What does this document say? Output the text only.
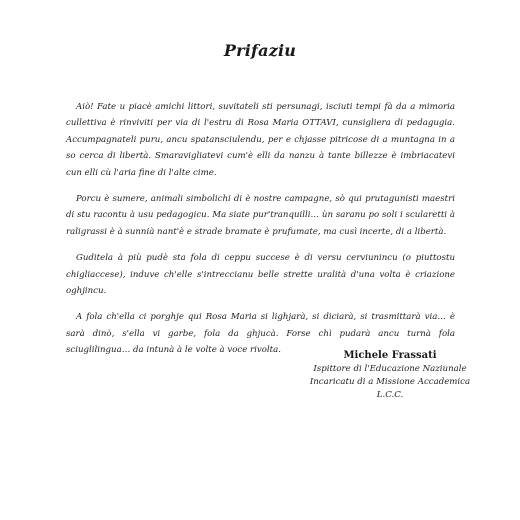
Prifaziu

Aiò! Fate u piacè amichi littori, suvitateli sti persunagi, isciuti tempi fà da a mimoria cullettiva è rinviviti per via di l'estru di Rosa Maria OTTAVI, cunsigliera di pedagugia. Accumpagnateli puru, ancu spatansciulendu, per e chjasse pitricose di a muntagna in a so cerca di libertà. Smaravigliatevi cum'è elli da nanzu à tante billezze è imbriacatevi cun elli cù l'aria fine di l'alte cime.

Porcu è sumere, animali simbolichi di è nostre campagne, sò qui prutagunisti maestri di stu racontu à usu pedagogicu. Ma siate pur'tranquilli… ùn saranu po soli i scularetti à raligrassi è à sunnià nant'è e strade bramate è prufumate, ma cusì incerte, di a libertà.

Guditela à più pudè sta fola di ceppu succese è di versu cerviunincu (o piuttostu chigliaccese), induve ch'elle s'intreccianu belle strette uralità d'una volta è criazione oghjincu.

A fola ch'ella ci porghje qui Rosa Maria si lighjarà, si diciarà, si trasmittarà via… è sarà dinò, s'ella vi garbe, fola da ghjucà. Forse chì pudarà ancu turnà fola sciuglilingua… da intunà à le volte à voce rivolta.	Michele Frassati
Ispittore di l'Educazione Naziunale
Incaricatu di a Missione Accademica L.C.C.
